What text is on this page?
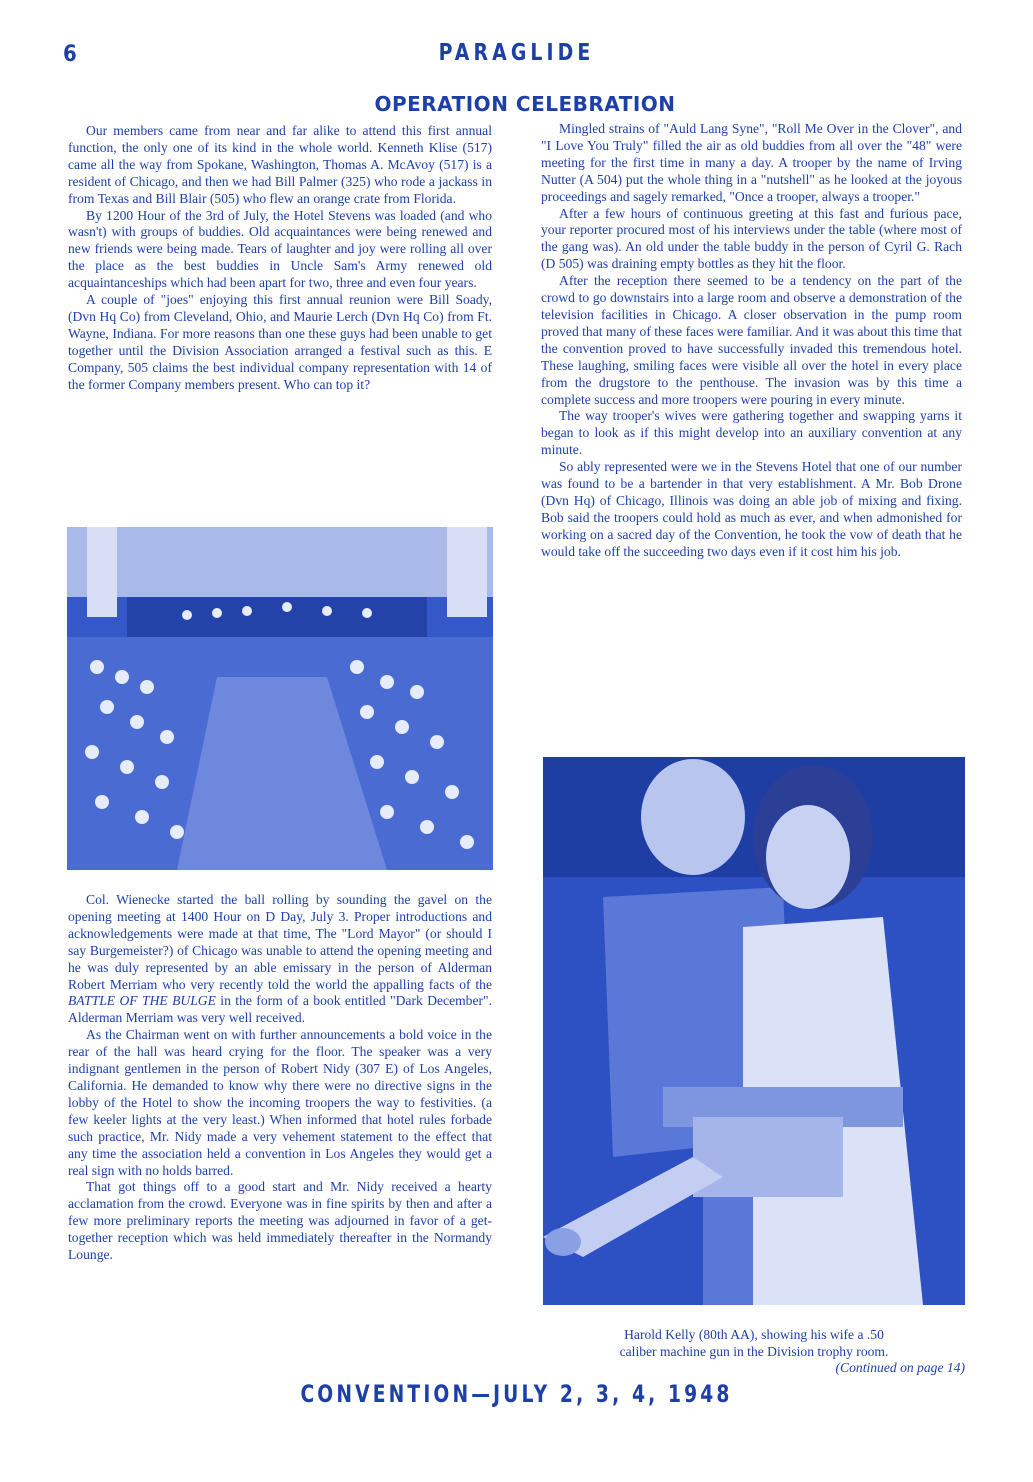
6	PARAGLIDE
OPERATION CELEBRATION

Our members came from near and far alike to attend this first annual function, the only one of its kind in the whole world. Kenneth Klise (517) came all the way from Spokane, Washington, Thomas A. McAvoy (517) is a resident of Chicago, and then we had Bill Palmer (325) who rode a jackass in from Texas and Bill Blair (505) who flew an orange crate from Florida.

By 1200 Hour of the 3rd of July, the Hotel Stevens was loaded (and who wasn't) with groups of buddies. Old acquaintances were being renewed and new friends were being made. Tears of laughter and joy were rolling all over the place as the best buddies in Uncle Sam's Army renewed old acquaintanceships which had been apart for two, three and even four years.

A couple of "joes" enjoying this first annual reunion were Bill Soady, (Dvn Hq Co) from Cleveland, Ohio, and Maurie Lerch (Dvn Hq Co) from Ft. Wayne, Indiana. For more reasons than one these guys had been unable to get together until the Division Association arranged a festival such as this. E Company, 505 claims the best individual company representation with 14 of the former Company members present. Who can top it?

Col. Wienecke started the ball rolling by sounding the gavel on the opening meeting at 1400 Hour on D Day, July 3. Proper introductions and acknowledgements were made at that time, The "Lord Mayor" (or should I say Burgemeister?) of Chicago was unable to attend the opening meeting and he was duly represented by an able emissary in the person of Alderman Robert Merriam who very recently told the world the appalling facts of the BATTLE OF THE BULGE in the form of a book entitled "Dark December". Alderman Merriam was very well received.

As the Chairman went on with further announcements a bold voice in the rear of the hall was heard crying for the floor. The speaker was a very indignant gentlemen in the person of Robert Nidy (307 E) of Los Angeles, California. He demanded to know why there were no directive signs in the lobby of the Hotel to show the incoming troopers the way to festivities. (a few keeler lights at the very least.) When informed that hotel rules forbade such practice, Mr. Nidy made a very vehement statement to the effect that any time the association held a convention in Los Angeles they would get a real sign with no holds barred.

That got things off to a good start and Mr. Nidy received a hearty acclamation from the crowd. Everyone was in fine spirits by then and after a few more preliminary reports the meeting was adjourned in favor of a get-together reception which was held immediately thereafter in the Normandy Lounge.

Mingled strains of "Auld Lang Syne", "Roll Me Over in the Clover", and "I Love You Truly" filled the air as old buddies from all over the "48" were meeting for the first time in many a day. A trooper by the name of Irving Nutter (A 504) put the whole thing in a "nutshell" as he looked at the joyous proceedings and sagely remarked, "Once a trooper, always a trooper."

After a few hours of continuous greeting at this fast and furious pace, your reporter procured most of his interviews under the table (where most of the gang was). An old under the table buddy in the person of Cyril G. Rach (D 505) was draining empty bottles as they hit the floor.

After the reception there seemed to be a tendency on the part of the crowd to go downstairs into a large room and observe a demonstration of the television facilities in Chicago. A closer observation in the pump room proved that many of these faces were familiar. And it was about this time that the convention proved to have successfully invaded this tremendous hotel. These laughing, smiling faces were visible all over the hotel in every place from the drugstore to the penthouse. The invasion was by this time a complete success and more troopers were pouring in every minute.

The way trooper's wives were gathering together and swapping yarns it began to look as if this might develop into an auxiliary convention at any minute.

So ably represented were we in the Stevens Hotel that one of our number was found to be a bartender in that very establishment. A Mr. Bob Drone (Dvn Hq) of Chicago, Illinois was doing an able job of mixing and fixing. Bob said the troopers could hold as much as ever, and when admonished for working on a sacred day of the Convention, he took the vow of death that he would take off the succeeding two days even if it cost him his job.

Harold Kelly (80th AA), showing his wife a .50
caliber machine gun in the Division trophy room.
(Continued on page 14)
CONVENTION—JULY 2, 3, 4, 1948
